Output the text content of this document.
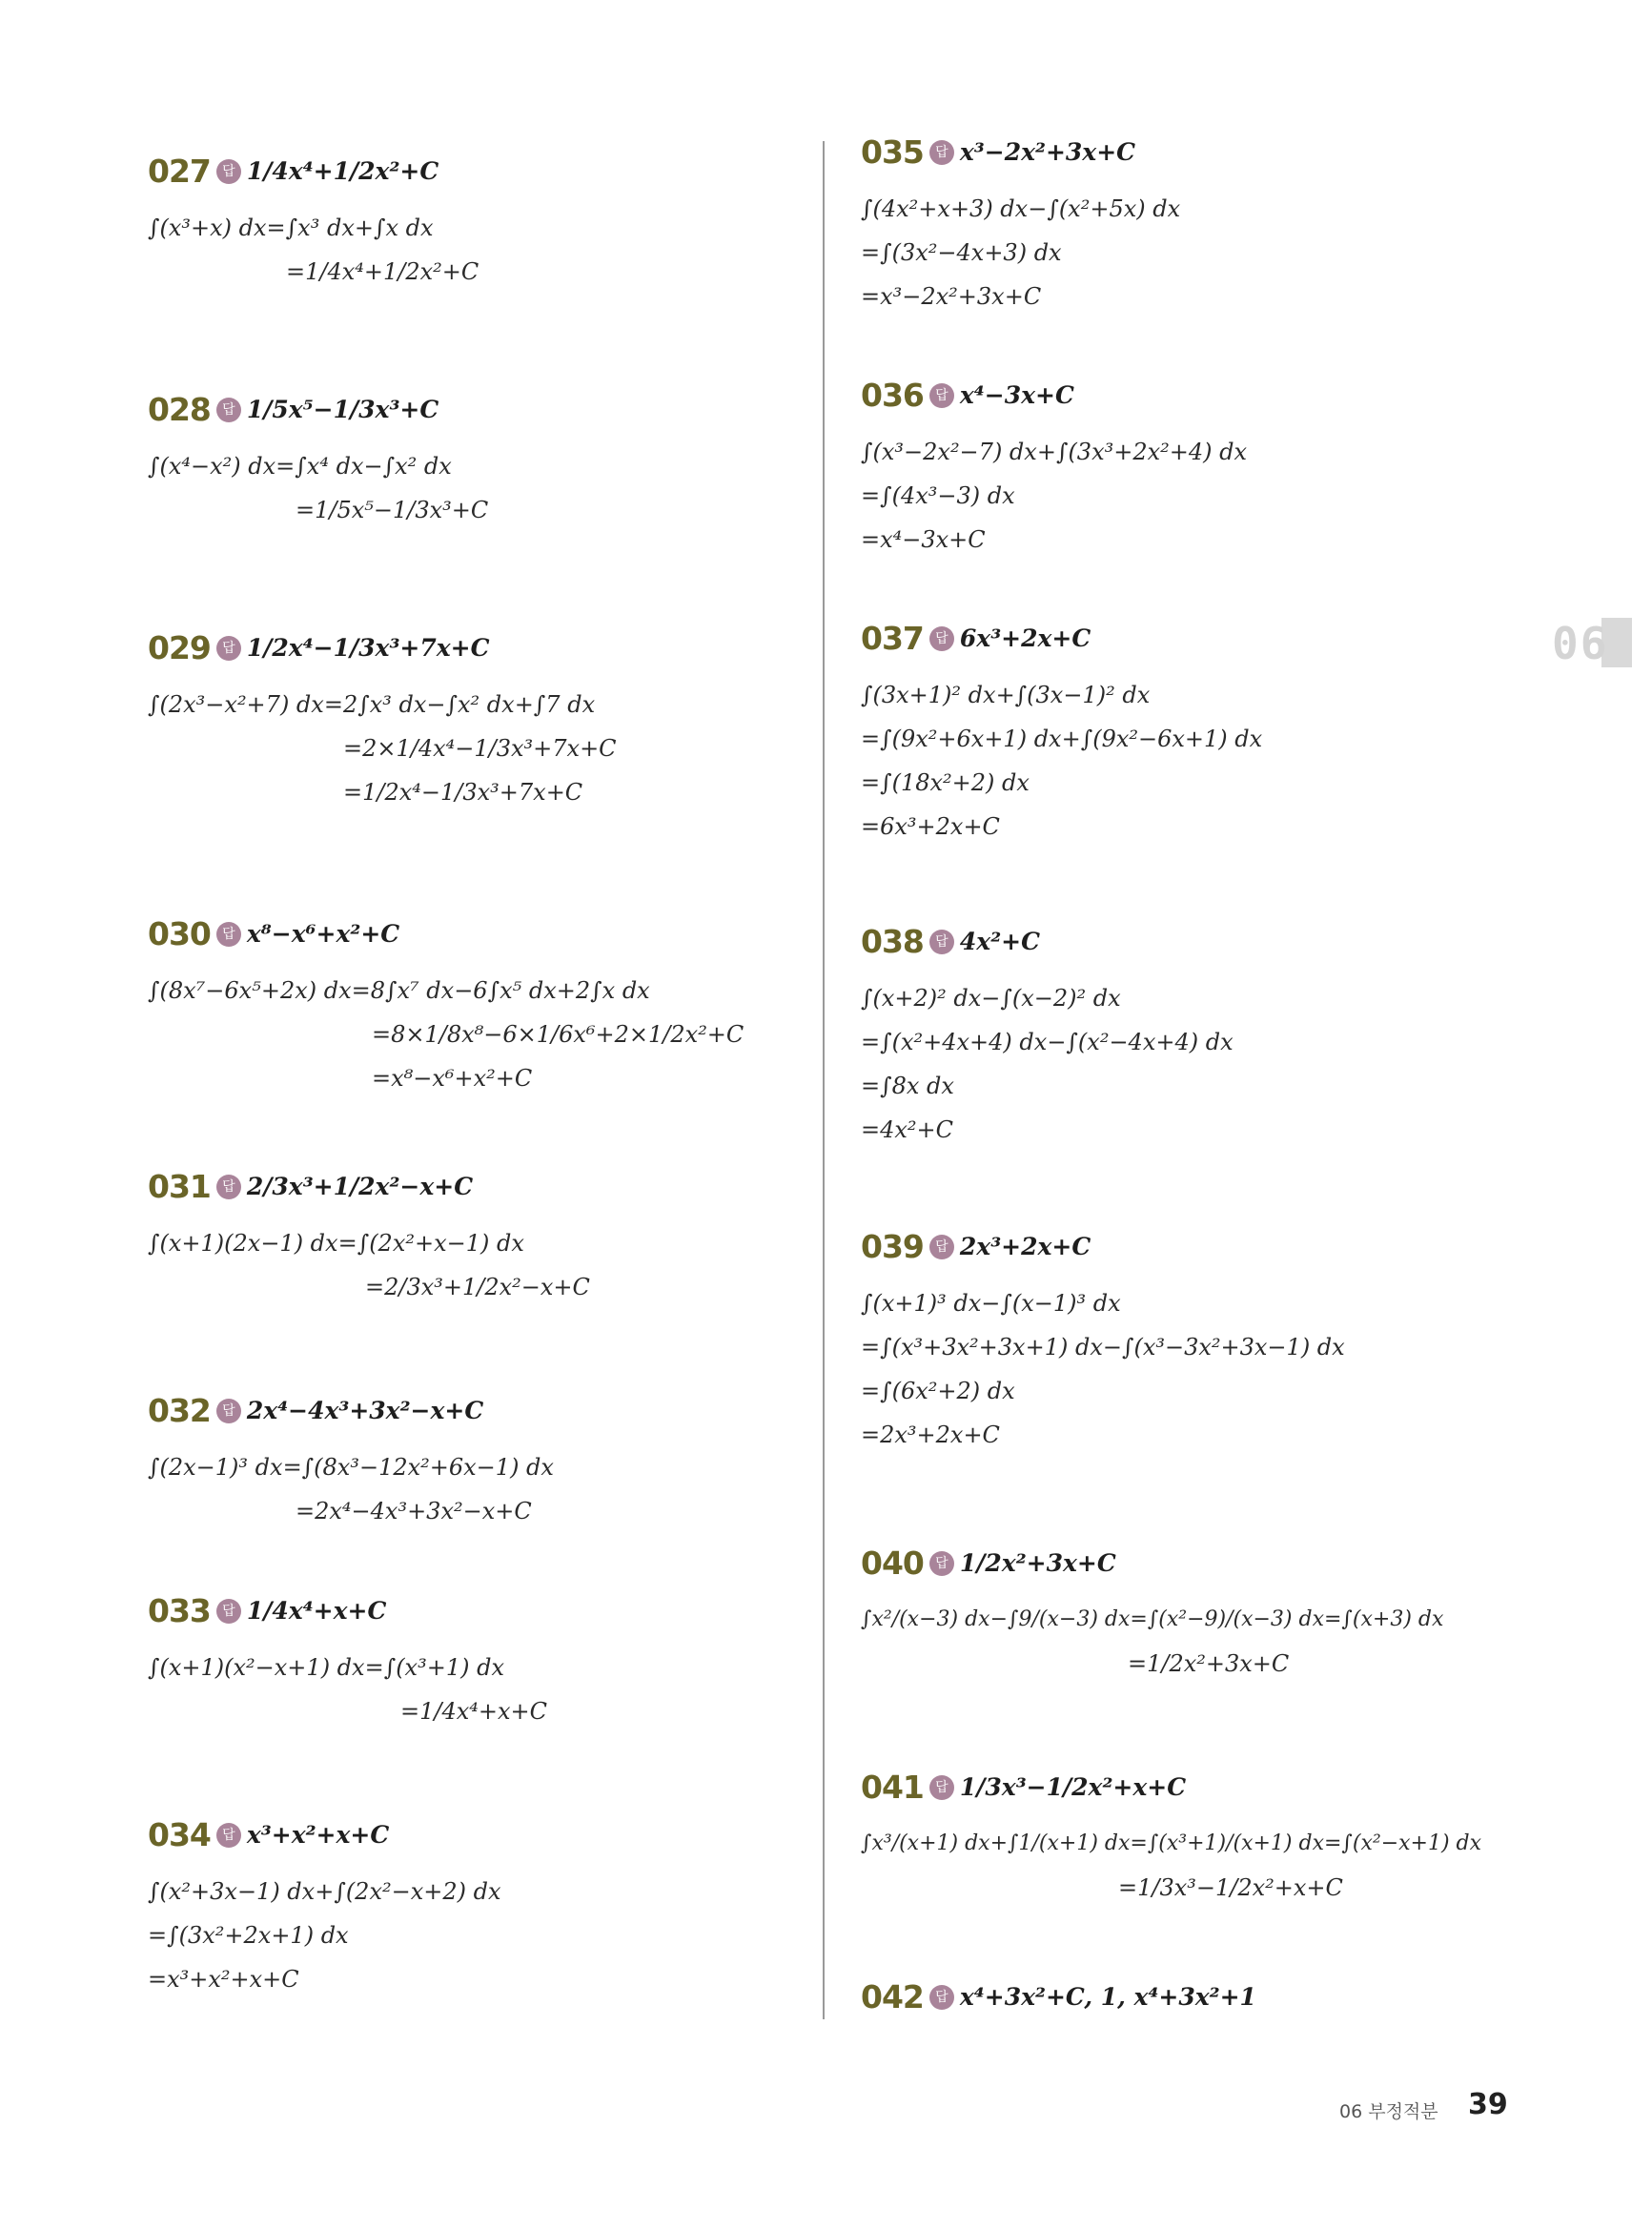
027 답 1/4x⁴+1/2x²+C
∫(x³+x) dx=∫x³ dx+∫x dx
=1/4x⁴+1/2x²+C
028 답 1/5x⁵−1/3x³+C
∫(x⁴−x²) dx=∫x⁴ dx−∫x² dx
=1/5x⁵−1/3x³+C
029 답 1/2x⁴−1/3x³+7x+C
∫(2x³−x²+7) dx=2∫x³ dx−∫x² dx+∫7 dx
=2×1/4x⁴−1/3x³+7x+C
=1/2x⁴−1/3x³+7x+C
030 답 x⁸−x⁶+x²+C
∫(8x⁷−6x⁵+2x) dx=8∫x⁷ dx−6∫x⁵ dx+2∫x dx
=8×1/8x⁸−6×1/6x⁶+2×1/2x²+C
=x⁸−x⁶+x²+C
031 답 2/3x³+1/2x²−x+C
∫(x+1)(2x−1) dx=∫(2x²+x−1) dx
=2/3x³+1/2x²−x+C
032 답 2x⁴−4x³+3x²−x+C
∫(2x−1)³ dx=∫(8x³−12x²+6x−1) dx
=2x⁴−4x³+3x²−x+C
033 답 1/4x⁴+x+C
∫(x+1)(x²−x+1) dx=∫(x³+1) dx
=1/4x⁴+x+C
034 답 x³+x²+x+C
∫(x²+3x−1) dx+∫(2x²−x+2) dx
=∫(3x²+2x+1) dx
=x³+x²+x+C
035 답 x³−2x²+3x+C
∫(4x²+x+3) dx−∫(x²+5x) dx
=∫(3x²−4x+3) dx
=x³−2x²+3x+C
036 답 x⁴−3x+C
∫(x³−2x²−7) dx+∫(3x³+2x²+4) dx
=∫(4x³−3) dx
=x⁴−3x+C
037 답 6x³+2x+C
∫(3x+1)² dx+∫(3x−1)² dx
=∫(9x²+6x+1) dx+∫(9x²−6x+1) dx
=∫(18x²+2) dx
=6x³+2x+C
038 답 4x²+C
∫(x+2)² dx−∫(x−2)² dx
=∫(x²+4x+4) dx−∫(x²−4x+4) dx
=∫8x dx
=4x²+C
039 답 2x³+2x+C
∫(x+1)³ dx−∫(x−1)³ dx
=∫(x³+3x²+3x+1) dx−∫(x³−3x²+3x−1) dx
=∫(6x²+2) dx
=2x³+2x+C
040 답 1/2x²+3x+C
∫x²/(x−3) dx−∫9/(x−3) dx=∫(x²−9)/(x−3) dx=∫(x+3) dx
=1/2x²+3x+C
041 답 1/3x³−1/2x²+x+C
∫x³/(x+1) dx+∫1/(x+1) dx=∫(x³+1)/(x+1) dx=∫(x²−x+1) dx
=1/3x³−1/2x²+x+C
042 답 x⁴+3x²+C, 1, x⁴+3x²+1
06
06 부정적분 39
